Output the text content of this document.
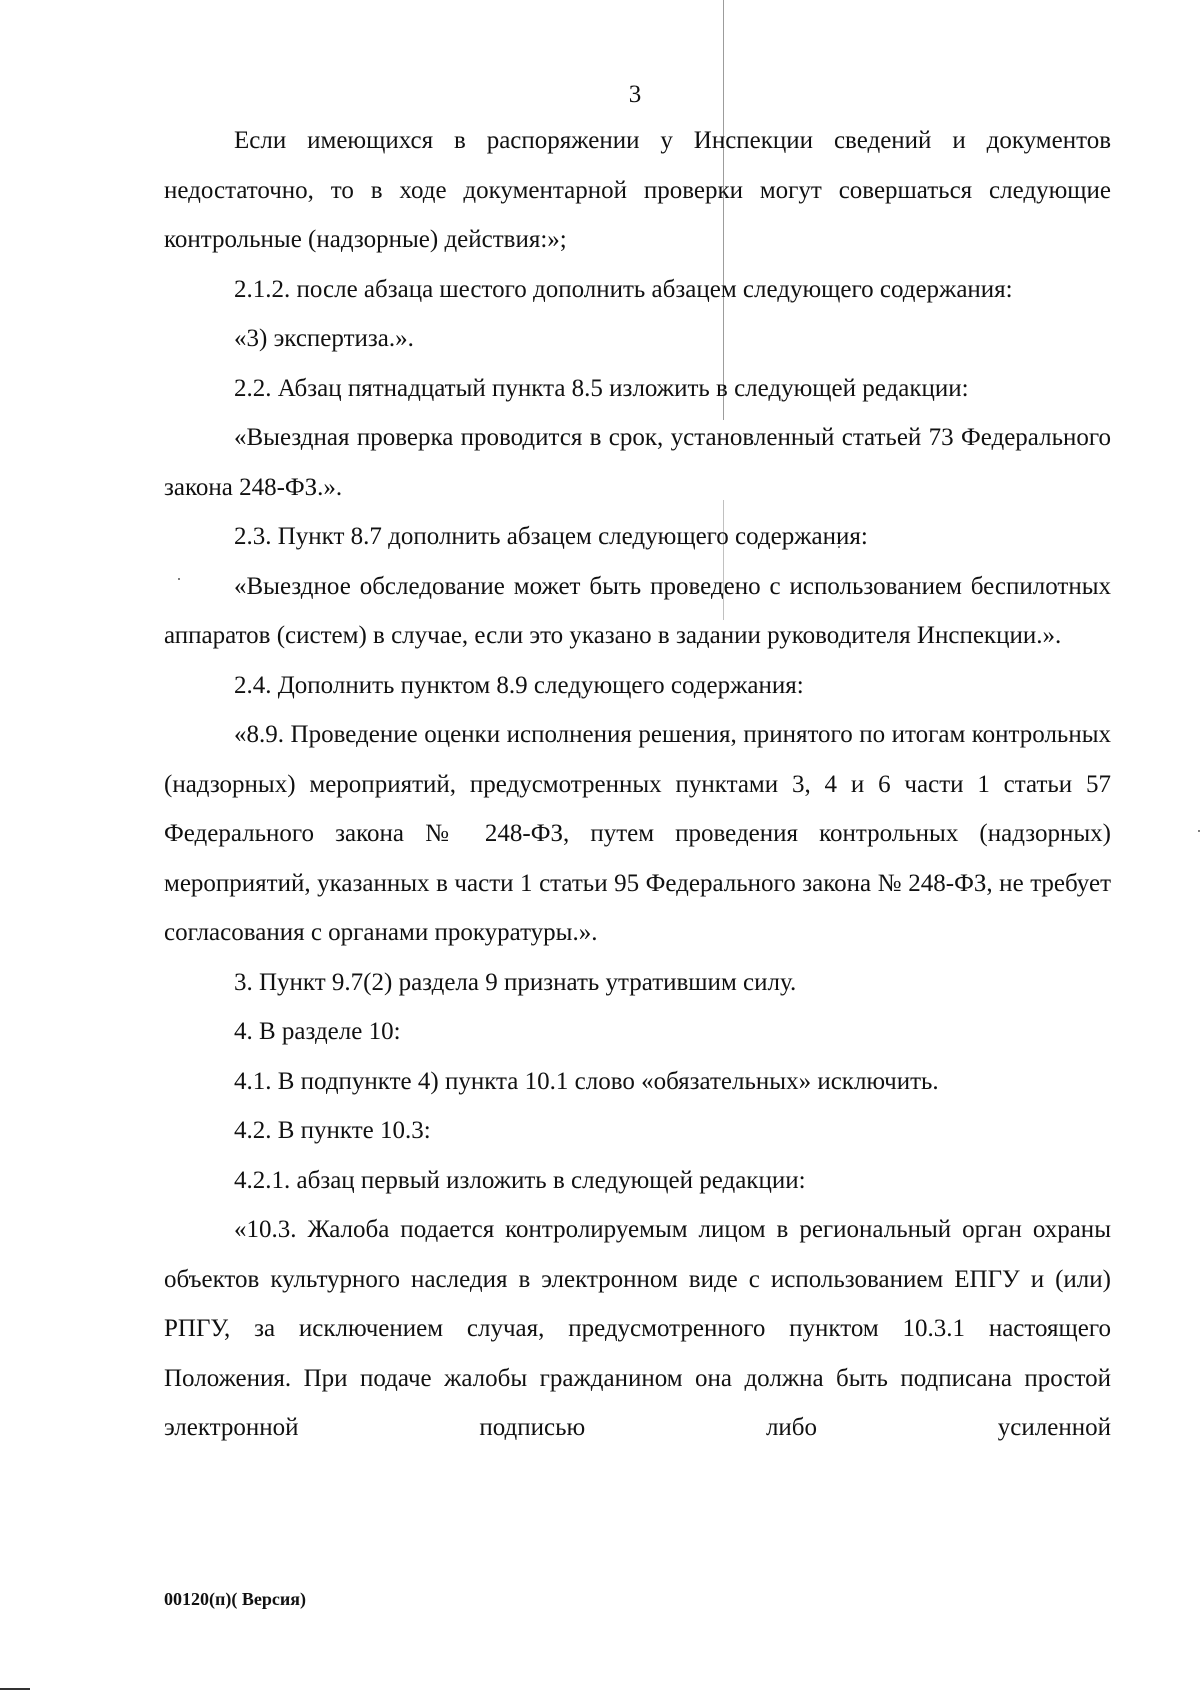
3

Если имеющихся в распоряжении у Инспекции сведений и документов недостаточно, то в ходе документарной проверки могут совершаться следующие контрольные (надзорные) действия:»;

2.1.2. после абзаца шестого дополнить абзацем следующего содержания:

«3) экспертиза.».

2.2. Абзац пятнадцатый пункта 8.5 изложить в следующей редакции:

«Выездная проверка проводится в срок, установленный статьей 73 Федерального закона 248-ФЗ.».

2.3. Пункт 8.7 дополнить абзацем следующего содержания:

«Выездное обследование может быть проведено с использованием беспилотных аппаратов (систем) в случае, если это указано в задании руководителя Инспекции.».

2.4. Дополнить пунктом 8.9 следующего содержания:

«8.9. Проведение оценки исполнения решения, принятого по итогам контрольных (надзорных) мероприятий, предусмотренных пунктами 3, 4 и 6 части 1 статьи 57 Федерального закона № 248-ФЗ, путем проведения контрольных (надзорных) мероприятий, указанных в части 1 статьи 95 Федерального закона № 248-ФЗ, не требует согласования с органами прокуратуры.».

3. Пункт 9.7(2) раздела 9 признать утратившим силу.

4. В разделе 10:

4.1. В подпункте 4) пункта 10.1 слово «обязательных» исключить.

4.2. В пункте 10.3:

4.2.1. абзац первый изложить в следующей редакции:

«10.3. Жалоба подается контролируемым лицом в региональный орган охраны объектов культурного наследия в электронном виде с использованием ЕПГУ и (или) РПГУ, за исключением случая, предусмотренного пунктом 10.3.1 настоящего Положения. При подаче жалобы гражданином она должна быть подписана простой электронной подписью либо усиленной

00120(п)( Версия)
